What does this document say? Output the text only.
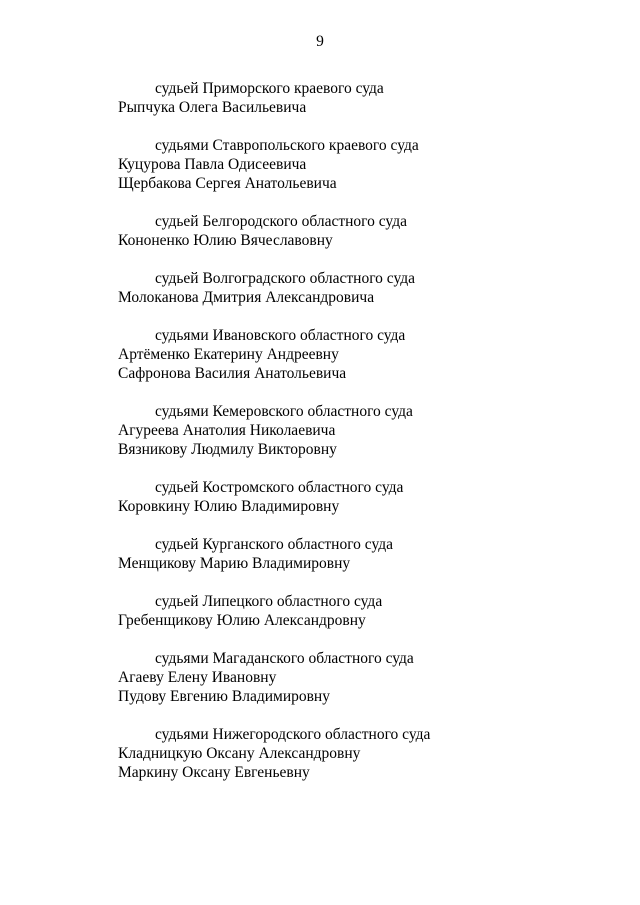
9
судьей Приморского краевого суда
Рыпчука Олега Васильевича
судьями Ставропольского краевого суда
Куцурова Павла Одисеевича
Щербакова Сергея Анатольевича
судьей Белгородского областного суда
Кононенко Юлию Вячеславовну
судьей Волгоградского областного суда
Молоканова Дмитрия Александровича
судьями Ивановского областного суда
Артёменко Екатерину Андреевну
Сафронова Василия Анатольевича
судьями Кемеровского областного суда
Агуреева Анатолия Николаевича
Вязникову Людмилу Викторовну
судьей Костромского областного суда
Коровкину Юлию Владимировну
судьей Курганского областного суда
Менщикову Марию Владимировну
судьей Липецкого областного суда
Гребенщикову Юлию Александровну
судьями Магаданского областного суда
Агаеву Елену Ивановну
Пудову Евгению Владимировну
судьями Нижегородского областного суда
Кладницкую Оксану Александровну
Маркину Оксану Евгеньевну
